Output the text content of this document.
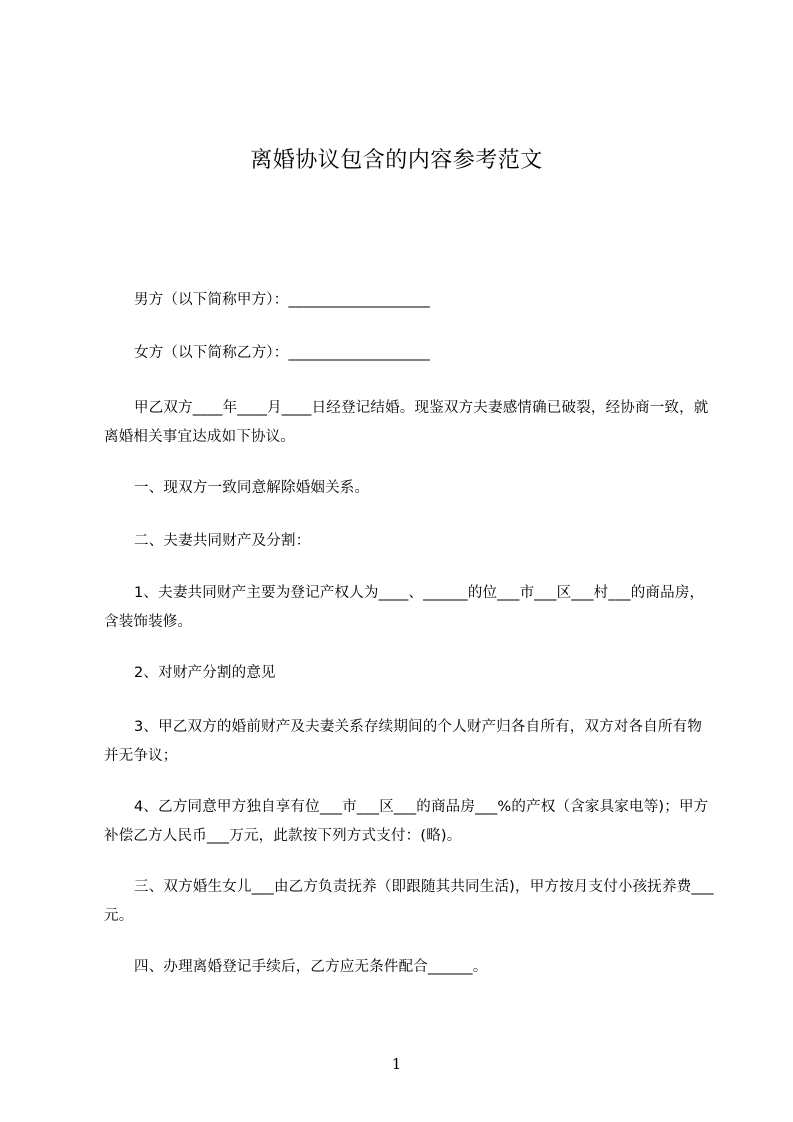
离婚协议包含的内容参考范文
男方（以下简称甲方）：___________________
女方（以下简称乙方）：___________________
甲乙双方____年____月____日经登记结婚。现鉴双方夫妻感情确已破裂，经协商一致，就离婚相关事宜达成如下协议。
一、现双方一致同意解除婚姻关系。
二、夫妻共同财产及分割：
1、夫妻共同财产主要为登记产权人为____、______的位___市___区___村___的商品房，含装饰装修。
2、对财产分割的意见
3、甲乙双方的婚前财产及夫妻关系存续期间的个人财产归各自所有，双方对各自所有物并无争议；
4、乙方同意甲方独自享有位___市___区___的商品房___%的产权（含家具家电等)；甲方补偿乙方人民币___万元，此款按下列方式支付：(略)。
三、双方婚生女儿___由乙方负责抚养（即跟随其共同生活)，甲方按月支付小孩抚养费___元。
四、办理离婚登记手续后，乙方应无条件配合______。
1
